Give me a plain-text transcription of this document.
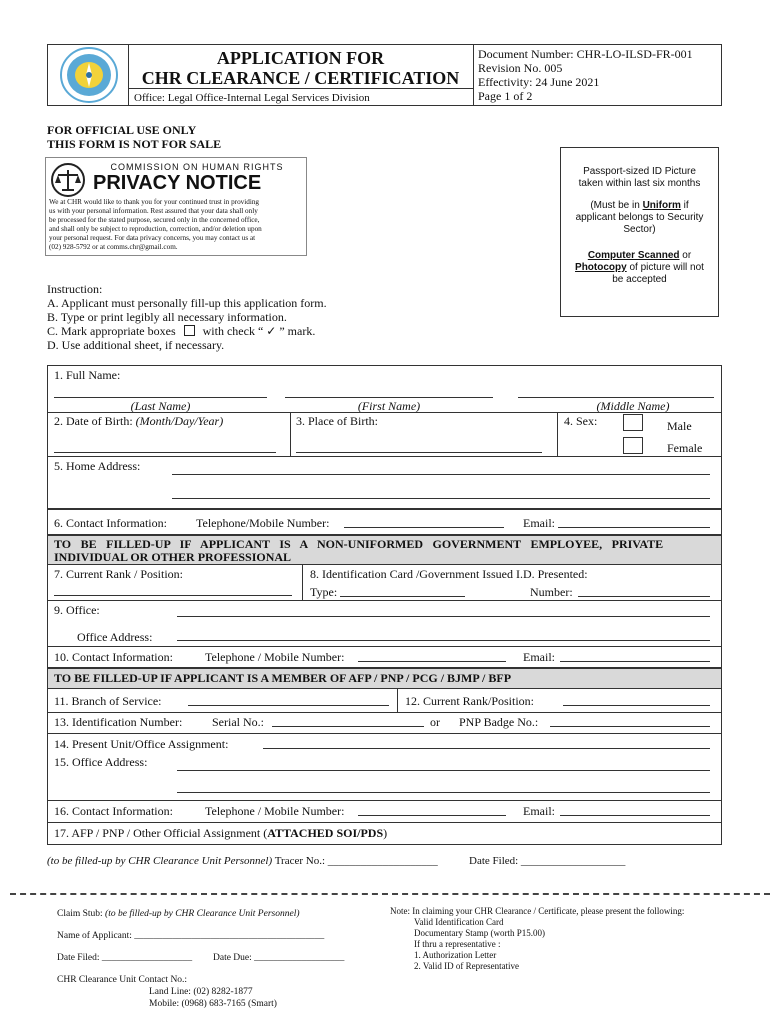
APPLICATION FOR
CHR CLEARANCE / CERTIFICATION
Office: Legal Office-Internal Legal Services Division
Document Number: CHR-LO-ILSD-FR-001
Revision No. 005
Effectivity: 24 June 2021
Page 1 of 2
FOR OFFICIAL USE ONLY
THIS FORM IS NOT FOR SALE
COMMISSION ON HUMAN RIGHTS
PRIVACY NOTICE
We at CHR would like to thank you for your continued trust in providing
us with your personal information. Rest assured that your data shall only
be processed for the stated purpose, secured only in the concerned office,
and shall only be subject to reproduction, correction, and/or deletion upon
your personal request. For data privacy concerns, you may contact us at
(02) 928-5792 or at comms.chr@gmail.com.
Passport-sized ID Picture
taken within last six months
(Must be in Uniform if
applicant belongs to Security
Sector)
Computer Scanned or
Photocopy of picture will not
be accepted
Instruction:
A. Applicant must personally fill-up this application form.
B. Type or print legibly all necessary information.
C. Mark appropriate boxes with check “ ✓ ” mark.
D. Use additional sheet, if necessary.
1. Full Name:
(Last Name)	(First Name)	(Middle Name)
2. Date of Birth: (Month/Day/Year)	3. Place of Birth:	4. Sex:	Male
Female
5. Home Address:
6. Contact Information: Telephone/Mobile Number:	Email:
TO BE FILLED-UP IF APPLICANT IS A NON-UNIFORMED GOVERNMENT EMPLOYEE, PRIVATE
INDIVIDUAL OR OTHER PROFESSIONAL
7. Current Rank / Position:	8. Identification Card /Government Issued I.D. Presented:
Type:	Number:
9. Office:
Office Address:
10. Contact Information:	Telephone / Mobile Number:	Email:
TO BE FILLED-UP IF APPLICANT IS A MEMBER OF AFP / PNP / PCG / BJMP / BFP
11. Branch of Service:	12. Current Rank/Position:
13. Identification Number: Serial No.:	or PNP Badge No.:
14. Present Unit/Office Assignment:
15. Office Address:
16. Contact Information:	Telephone / Mobile Number:	Email:
17. AFP / PNP / Other Official Assignment (ATTACHED SOI/PDS)
(to be filled-up by CHR Clearance Unit Personnel) Tracer No.: ____________________	Date Filed: ___________________
Claim Stub: (to be filled-up by CHR Clearance Unit Personnel)
Name of Applicant: ________________________________________
Date Filed: ___________________ Date Due: ___________________
CHR Clearance Unit Contact No.:
Land Line: (02) 8282-1877
Mobile: (0968) 683-7165 (Smart)
Note: In claiming your CHR Clearance / Certificate, please present the following:
Valid Identification Card
Documentary Stamp (worth P15.00)
If thru a representative :
1. Authorization Letter
2. Valid ID of Representative
